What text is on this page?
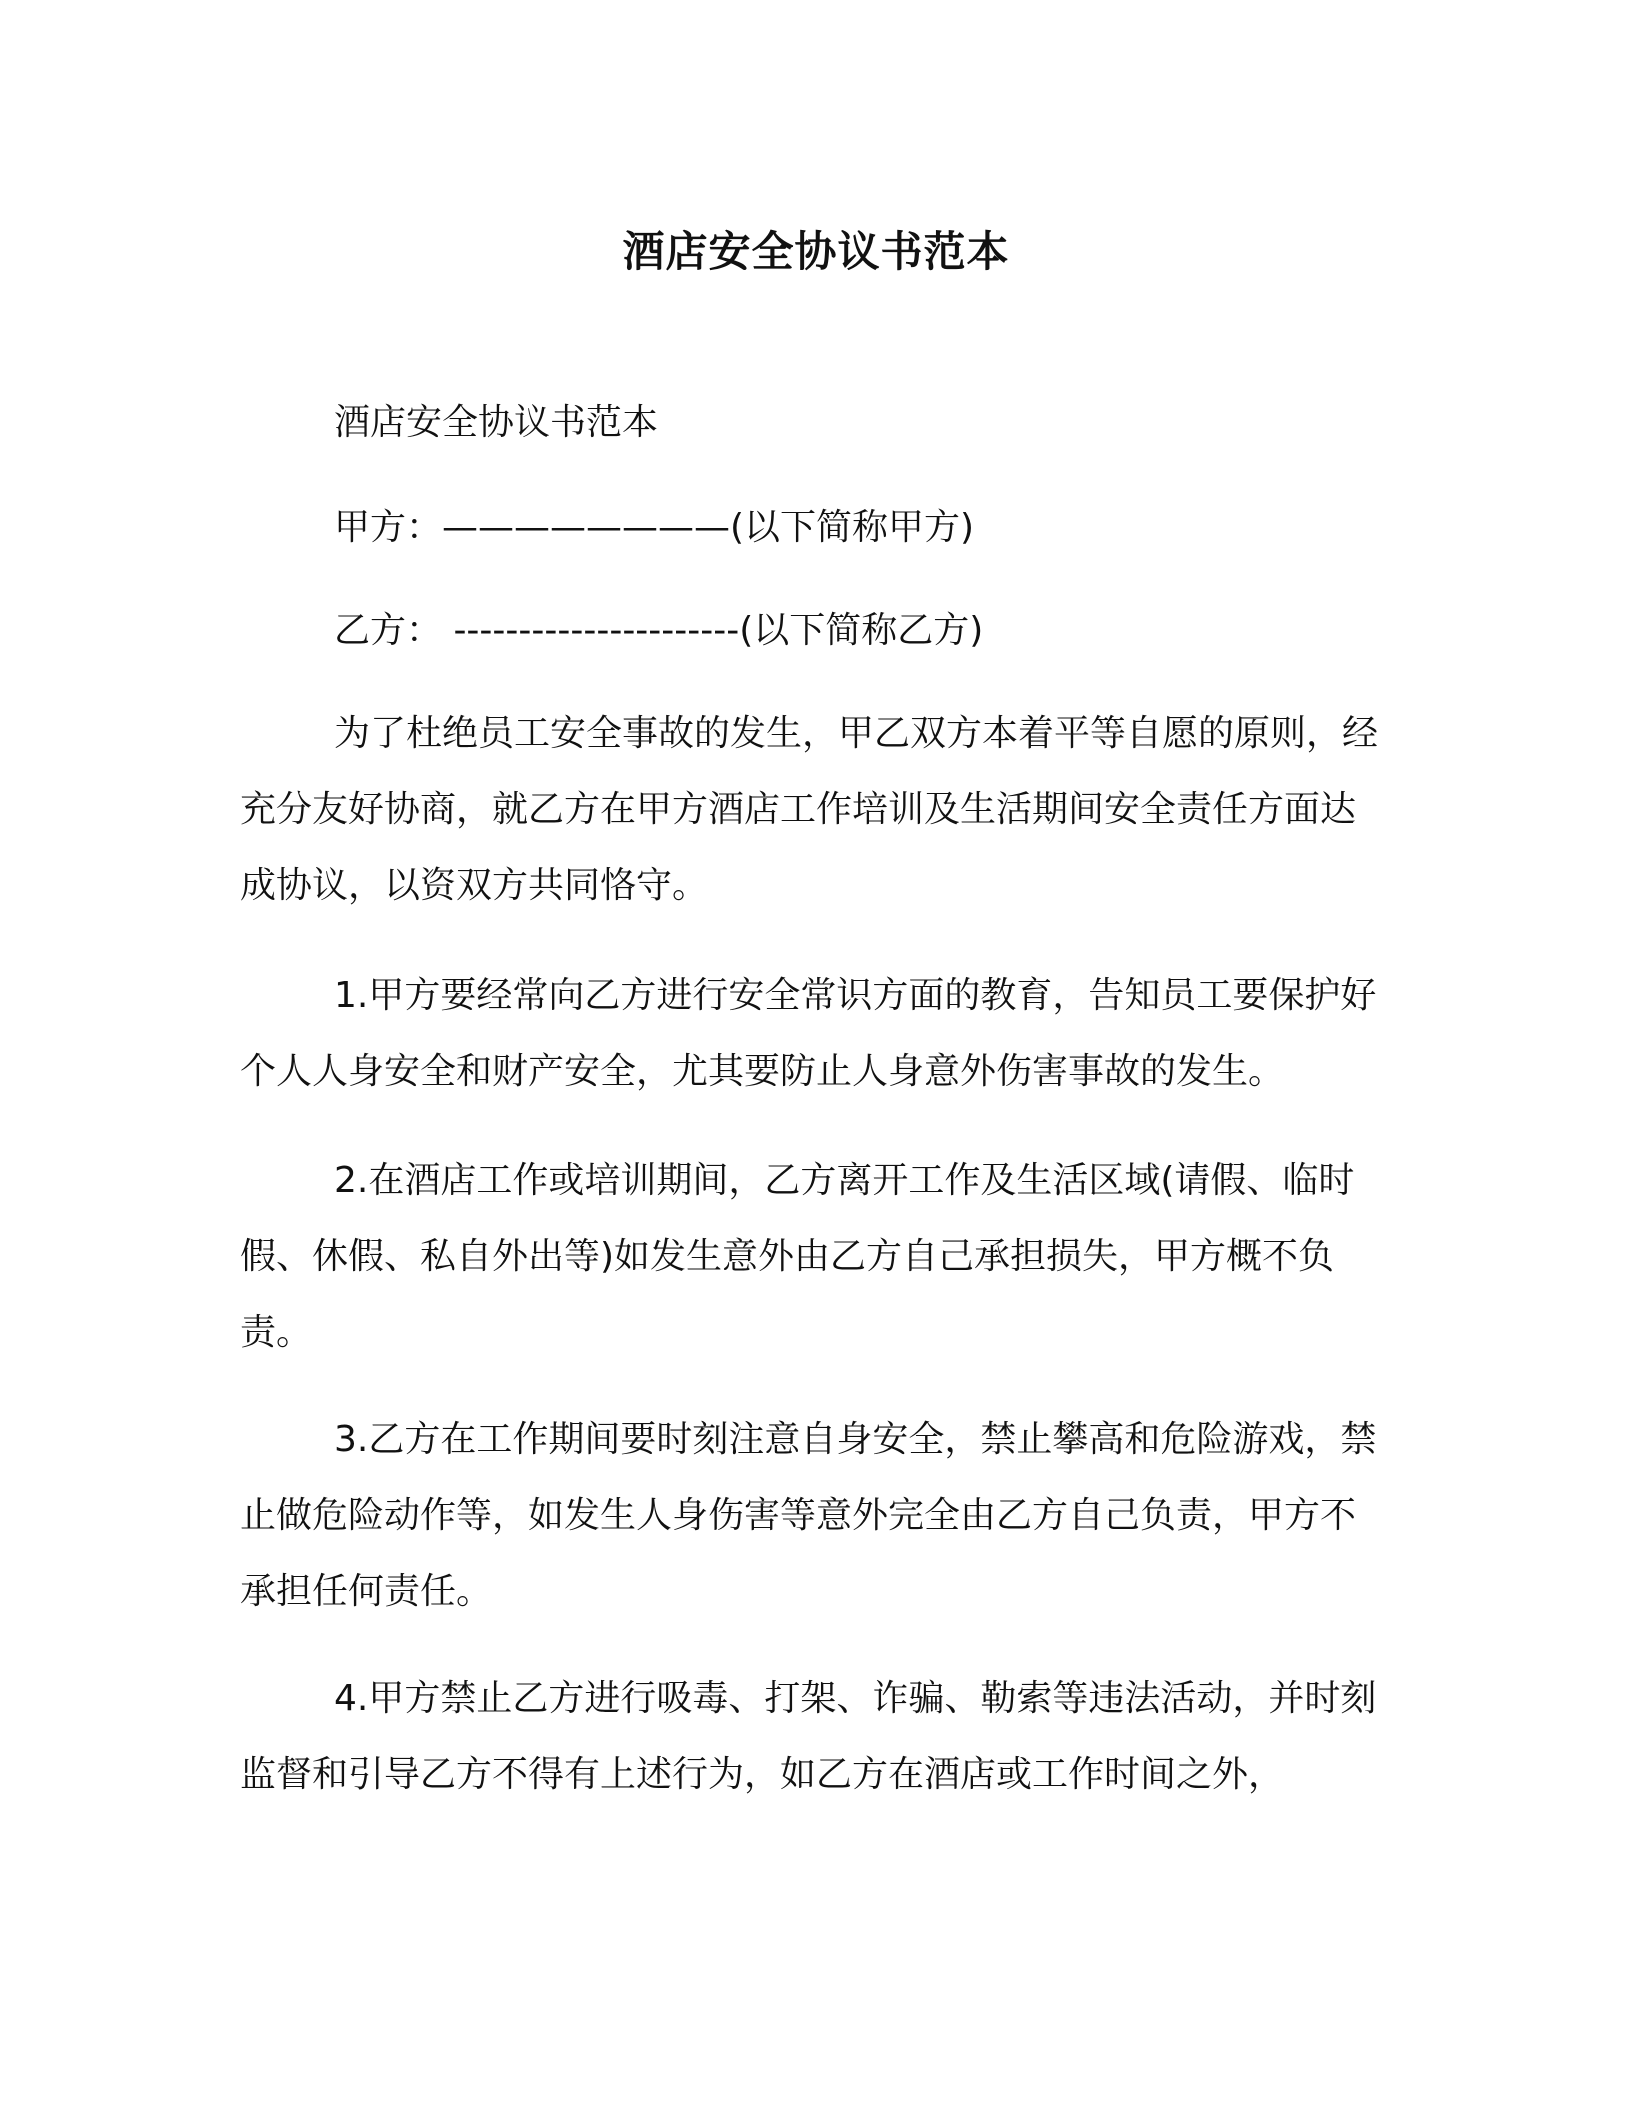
酒店安全协议书范本
酒店安全协议书范本
甲方：————————(以下简称甲方)
乙方： ----------------------(以下简称乙方)

为了杜绝员工安全事故的发生，甲乙双方本着平等自愿的原则，经充分友好协商，就乙方在甲方酒店工作培训及生活期间安全责任方面达成协议，以资双方共同恪守。

1.甲方要经常向乙方进行安全常识方面的教育，告知员工要保护好个人人身安全和财产安全，尤其要防止人身意外伤害事故的发生。

2.在酒店工作或培训期间，乙方离开工作及生活区域(请假、临时假、休假、私自外出等)如发生意外由乙方自己承担损失，甲方概不负责。

3.乙方在工作期间要时刻注意自身安全，禁止攀高和危险游戏，禁止做危险动作等，如发生人身伤害等意外完全由乙方自己负责，甲方不承担任何责任。

4.甲方禁止乙方进行吸毒、打架、诈骗、勒索等违法活动，并时刻监督和引导乙方不得有上述行为，如乙方在酒店或工作时间之外，
